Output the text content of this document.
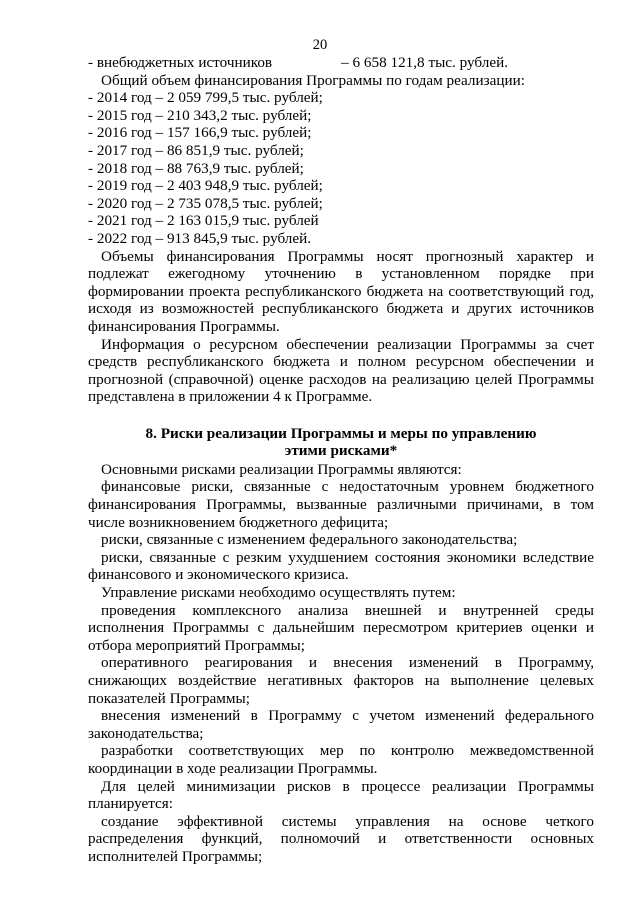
20
- внебюджетных источников	– 6 658 121,8 тыс. рублей.

Общий объем финансирования Программы по годам реализации:

- 2014 год – 2 059 799,5 тыс. рублей;

- 2015 год – 210 343,2 тыс. рублей;

- 2016 год – 157 166,9 тыс. рублей;

- 2017 год – 86 851,9 тыс. рублей;

- 2018 год – 88 763,9 тыс. рублей;

- 2019 год – 2 403 948,9 тыс. рублей;

- 2020 год – 2 735 078,5 тыс. рублей;

- 2021 год – 2 163 015,9 тыс. рублей

- 2022 год – 913 845,9 тыс. рублей.

Объемы финансирования Программы носят прогнозный характер и подлежат ежегодному уточнению в установленном порядке при формировании проекта республиканского бюджета на соответствующий год, исходя из возможностей республиканского бюджета и других источников финансирования Программы.

Информация о ресурсном обеспечении реализации Программы за счет средств республиканского бюджета и полном ресурсном обеспечении и прогнозной (справочной) оценке расходов на реализацию целей Программы представлена в приложении 4 к Программе.

8. Риски реализации Программы и меры по управлению
этими рисками*

Основными рисками реализации Программы являются:

финансовые риски, связанные с недостаточным уровнем бюджетного финансирования Программы, вызванные различными причинами, в том числе возникновением бюджетного дефицита;

риски, связанные с изменением федерального законодательства;

риски, связанные с резким ухудшением состояния экономики вследствие финансового и экономического кризиса.

Управление рисками необходимо осуществлять путем:

проведения комплексного анализа внешней и внутренней среды исполнения Программы с дальнейшим пересмотром критериев оценки и отбора мероприятий Программы;

оперативного реагирования и внесения изменений в Программу, снижающих воздействие негативных факторов на выполнение целевых показателей Программы;

внесения изменений в Программу с учетом изменений федерального законодательства;

разработки соответствующих мер по контролю межведомственной координации в ходе реализации Программы.

Для целей минимизации рисков в процессе реализации Программы планируется:

создание эффективной системы управления на основе четкого распределения функций, полномочий и ответственности основных исполнителей Программы;
